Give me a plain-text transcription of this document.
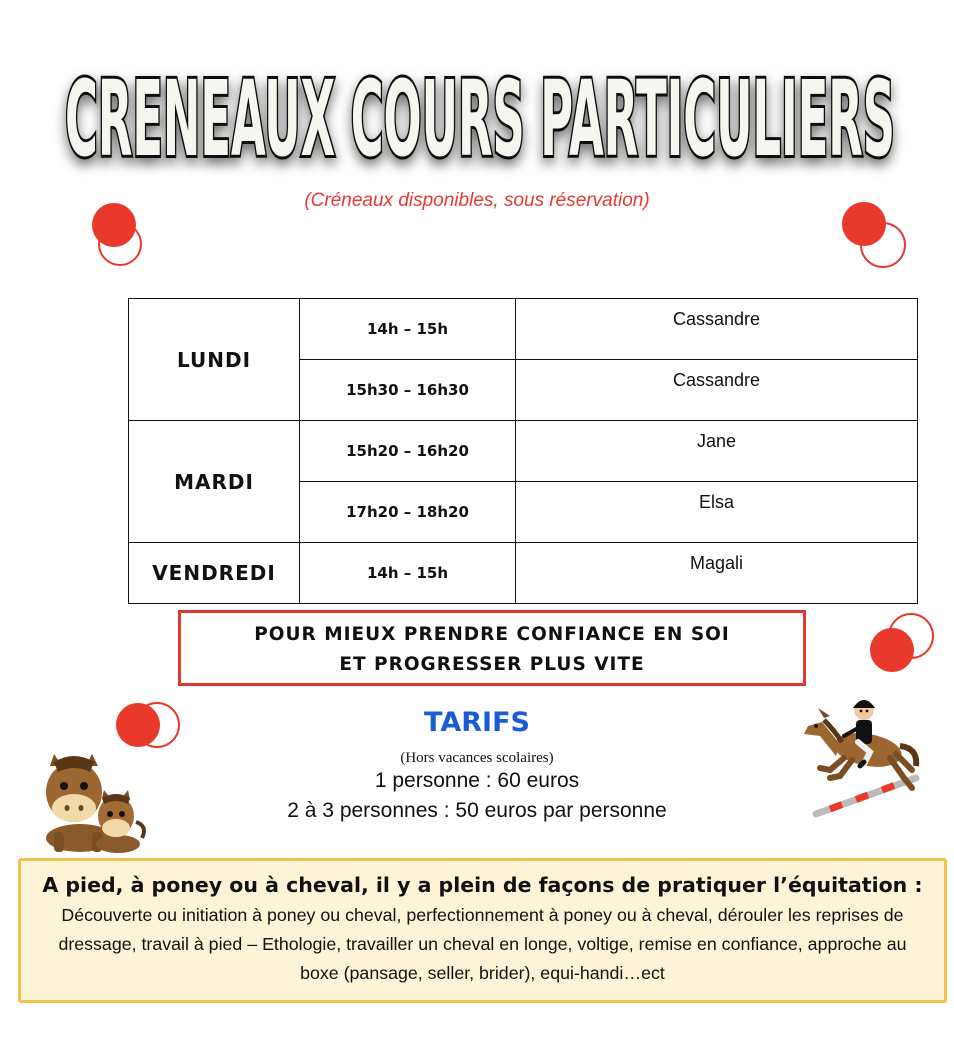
CRENEAUX COURS PARTICULIERS
(Créneaux disponibles, sous réservation)
LUNDI	14h – 15h	Cassandre
	15h30 – 16h30	Cassandre
MARDI	15h20 – 16h20	Jane
	17h20 – 18h20	Elsa
VENDREDI	14h – 15h	Magali
POUR MIEUX PRENDRE CONFIANCE EN SOI
ET PROGRESSER PLUS VITE
TARIFS
(Hors vacances scolaires)
1 personne : 60 euros
2 à 3 personnes : 50 euros par personne
A pied, à poney ou à cheval, il y a plein de façons de pratiquer l’équitation :
Découverte ou initiation à poney ou cheval, perfectionnement à poney ou à cheval, dérouler les reprises de dressage, travail à pied – Ethologie, travailler un cheval en longe, voltige, remise en confiance, approche au boxe (pansage, seller, brider), equi-handi…ect
